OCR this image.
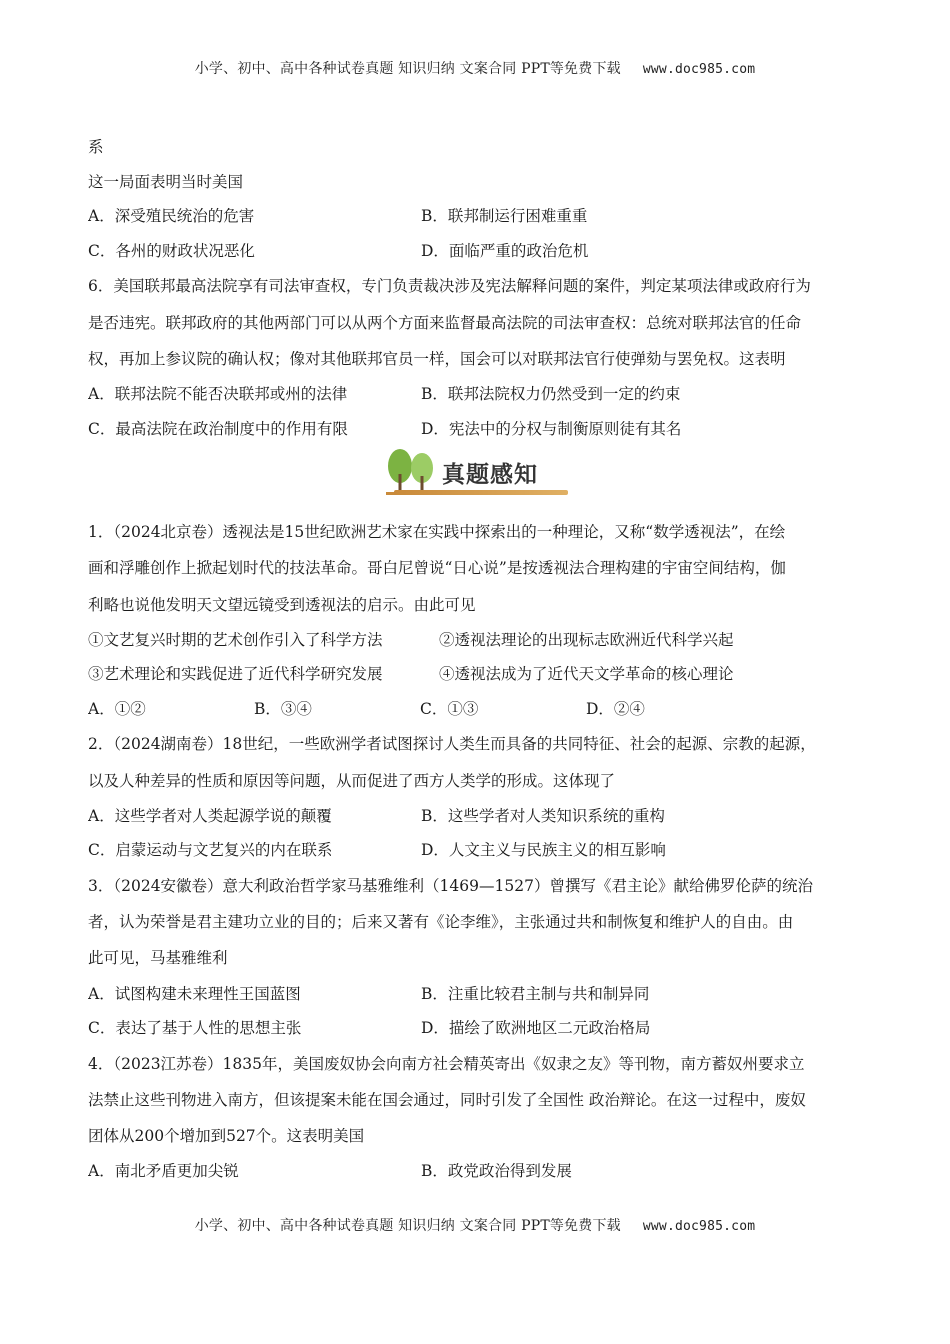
小学、初中、高中各种试卷真题 知识归纳 文案合同 PPT等免费下载 www.doc985.com
系
这一局面表明当时美国
A．深受殖民统治的危害	B．联邦制运行困难重重
C．各州的财政状况恶化	D．面临严重的政治危机
6．美国联邦最高法院享有司法审查权，专门负责裁决涉及宪法解释问题的案件，判定某项法律或政府行为
是否违宪。联邦政府的其他两部门可以从两个方面来监督最高法院的司法审查权：总统对联邦法官的任命
权，再加上参议院的确认权；像对其他联邦官员一样，国会可以对联邦法官行使弹劾与罢免权。这表明
A．联邦法院不能否决联邦或州的法律	B．联邦法院权力仍然受到一定的约束
C．最高法院在政治制度中的作用有限	D．宪法中的分权与制衡原则徒有其名
真题感知
1．（2024北京卷）透视法是15世纪欧洲艺术家在实践中探索出的一种理论，又称“数学透视法”，在绘
画和浮雕创作上掀起划时代的技法革命。哥白尼曾说“日心说”是按透视法合理构建的宇宙空间结构，伽
利略也说他发明天文望远镜受到透视法的启示。由此可见
①文艺复兴时期的艺术创作引入了科学方法	②透视法理论的出现标志欧洲近代科学兴起
③艺术理论和实践促进了近代科学研究发展	④透视法成为了近代天文学革命的核心理论
A．①②	B．③④	C．①③	D．②④
2．（2024湖南卷）18世纪，一些欧洲学者试图探讨人类生而具备的共同特征、社会的起源、宗教的起源，
以及人种差异的性质和原因等问题，从而促进了西方人类学的形成。这体现了
A．这些学者对人类起源学说的颠覆	B．这些学者对人类知识系统的重构
C．启蒙运动与文艺复兴的内在联系	D．人文主义与民族主义的相互影响
3．（2024安徽卷）意大利政治哲学家马基雅维利（1469—1527）曾撰写《君主论》献给佛罗伦萨的统治
者，认为荣誉是君主建功立业的目的；后来又著有《论李维》，主张通过共和制恢复和维护人的自由。由
此可见，马基雅维利
A．试图构建未来理性王国蓝图	B．注重比较君主制与共和制异同
C．表达了基于人性的思想主张	D．描绘了欧洲地区二元政治格局
4．（2023江苏卷）1835年，美国废奴协会向南方社会精英寄出《奴隶之友》等刊物，南方蓄奴州要求立
法禁止这些刊物进入南方，但该提案未能在国会通过，同时引发了全国性 政治辩论。在这一过程中，废奴
团体从200个增加到527个。这表明美国
A．南北矛盾更加尖锐	B．政党政治得到发展
小学、初中、高中各种试卷真题 知识归纳 文案合同 PPT等免费下载 www.doc985.com
